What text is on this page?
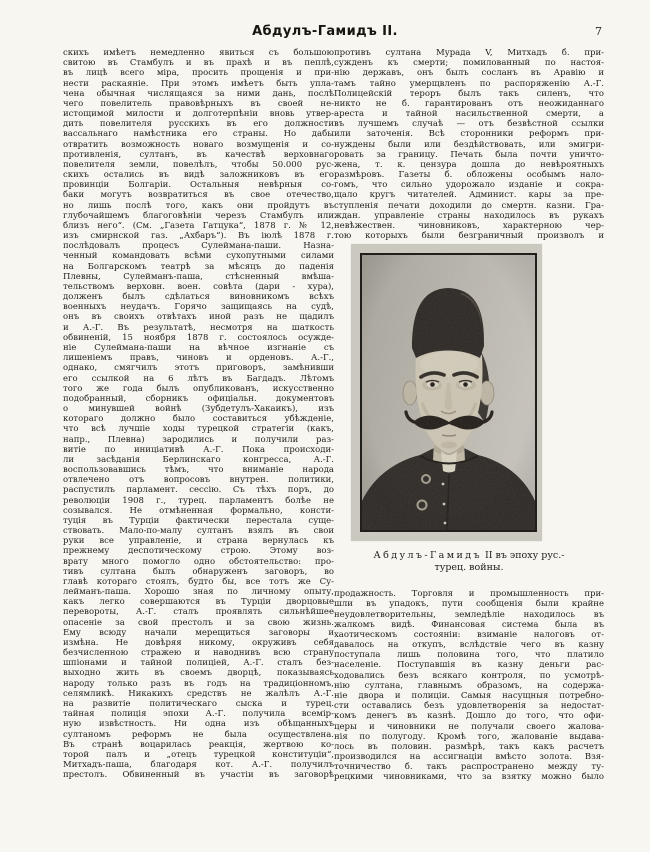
Абдулъ-Гамидъ II.	7
скихъ имѣетъ немедленно явиться съ большою
свитою въ Стамбулъ и въ прахѣ и въ пеплѣ,
въ лицѣ всего міра, просить прощенія и при-
нести раскаяніе. При этомъ имѣетъ быть упла-
чена обычная числящаяся за ними дань, послѣ
чего повелитель правовѣрныхъ въ своей не-
истощимой милости и долготерпѣніи вновь утвер-
дить повелителя русскихъ въ его должности
вассальнаго намѣстника его страны. Но дабы
отвратить возможность новаго возмущенія и со-
противленія, султанъ, въ качествѣ верховнаго
повелителя земли, повелѣлъ, чтобы 50.000 рус-
скихъ остались въ видѣ заложниковъ въ его
провинціи Болгаріи. Остальныя невѣрныя со-
баки могутъ возвратиться въ свое отечество,
но лишь послѣ того, какъ они пройдутъ въ
глубочайшемъ благоговѣніи черезъ Стамбулъ или
близъ него“. (См. „Газета Гатцука“, 1878 г. № 12,
изъ смирнской газ. „Ахбаръ“). Въ іюлѣ 1878 г.
послѣдовалъ процесъ Сулеймана-паши. Назна-
ченный командовать всѣми сухопутными силами
на Болгарскомъ театрѣ за мѣсяцъ до паденія
Плевны, Сулейманъ-паша, стѣсненный вмѣша-
тельствомъ верховн. воен. совѣта (дари - хура),
долженъ былъ сдѣлаться виновникомъ всѣхъ
военныхъ неудачъ. Горячо защищаясь на судѣ,
онъ въ своихъ отвѣтахъ иной разъ не щадилъ
и А.-Г. Въ результатѣ, несмотря на шаткость
обвиненій, 15 ноября 1878 г. состоялось осужде-
ніе Сулеймана-паши на вѣчное изгнаніе съ
лишеніемъ правъ, чиновъ и орденовъ. А.-Г.,
однако, смягчилъ этотъ приговоръ, замѣнивши
его ссылкой на 6 лѣтъ въ Багдадъ. Лѣтомъ
того же года былъ опубликованъ, искусственно
подобранный, сборникъ офиціальн. документовъ
о минувшей войнѣ (Зубдетулъ-Хакаикъ), изъ
котораго должно было составиться убѣжденіе,
что всѣ лучшіе ходы турецкой стратегіи (какъ,
напр., Плевна) зародились и получили раз-
витіе по иниціативѣ А.-Г. Пока происходи-
ли засѣданія Берлинскаго конгресса, А.-Г.
воспользовавшись тѣмъ, что вниманіе народа
отвлечено отъ вопросовъ внутрен. политики,
распустилъ парламент. сессію. Съ тѣхъ поръ, до
революціи 1908 г., турец. парламентъ болѣе не
созывался. Не отмѣненная формально, консти-
туція въ Турціи фактически перестала суще-
ствовать. Мало-по-малу султанъ взялъ въ свои
руки все управленіе, и страна вернулась къ
прежнему деспотическому строю. Этому воз-
врату много помогло одно обстоятельство: про-
тивъ султана былъ обнаруженъ заговоръ, во
главѣ котораго стоялъ, будто бы, все тотъ же Су-
лейманъ-паша. Хорошо зная по личному опыту,
какъ легко совершаются въ Турціи дворцовые
перевороты, А.-Г. сталъ проявлять сильнѣйшее
опасеніе за свой престолъ и за свою жизнь.
Ему всюду начали мерещиться заговоры и
измѣна. Не довѣряя никому, окруживъ себя
безчисленною стражею и наводнивъ всю страну
шпіонами и тайной полиціей, А.-Г. сталъ без-
выходно жить въ своемъ дворцѣ, показываясь
народу только разъ въ годъ на традиціонномъ,
селямликѣ. Никакихъ средствъ не жалѣлъ А.-Г.
на развитіе политическаго сыска и турец.
тайная полиція эпохи А.-Г. получила всемір-
ную извѣстность. Ни одна изъ обѣщанныхъ
султаномъ реформъ не была осуществлена.
Въ странѣ воцарилась реакція, жертвою ко-
торой палъ и „отецъ турецкой конституціи“,
Митхадъ-паша, благодаря кот. А.-Г. получилъ
престолъ. Обвиненный въ участіи въ заговорѣ
противъ султана Мурада V, Митхадъ б. при-
сужденъ къ смерти; помилованный по настоя-
нію державъ, онъ былъ сосланъ въ Аравію и
тамъ тайно умерщвленъ по распоряженію А.-Г.
Полицейскій тероръ былъ такъ силенъ, что
никто не б. гарантированъ отъ неожиданнаго
ареста и тайной насильственной смерти, а
въ лучшемъ случаѣ — отъ безвѣстной ссылки
или заточенія. Всѣ сторонники реформъ при-
нуждены были или бездѣйствовать, или эмигри-
ровать за границу. Печать была почти уничто-
жена, т. к. цензура дошла до невѣроятныхъ
размѣровъ. Газеты б. обложены особымъ нало-
гомъ, что сильно удорожало изданіе и сокра-
щало кругъ читателей. Админист. кары за пре-
ступленія печати доходили до смертн. казни. Гра-
ждан. управленіе страны находилось въ рукахъ
невѣжествен. чиновниковъ, характерною чер-
тою которыхъ были безграничный произволъ и
Абдулъ-Гамидъ II въ эпоху рус.-
турец. войны.
продажность. Торговля и промышленность при-
шли въ упадокъ, пути сообщенія были крайне
неудовлетворительны, земледѣліе находилось въ
жалкомъ видѣ. Финансовая система была въ
хаотическомъ состояніи: взиманіе налоговъ от-
давалось на откупъ, вслѣдствіе чего въ казну
поступала лишь половина того, что платило
населеніе. Поступавшія въ казну деньги рас-
ходовались безъ всякаго контроля, по усмотрѣ-
нію султана, главнымъ образомъ, на содержа-
ніе двора и полиціи. Самыя насущныя потребно-
сти оставались безъ удовлетворенія за недостат-
комъ денегъ въ казнѣ. Дошло до того, что офи-
церы и чиновники не получали своего жалова-
нія по полугоду. Кромѣ того, жалованіе выдава-
лось въ половин. размѣрѣ, такъ какъ расчетъ
производился на ассигнаціи вмѣсто золота. Взя-
точничество б. такъ распространено между ту-
рецкими чиновниками, что за взятку можно было
